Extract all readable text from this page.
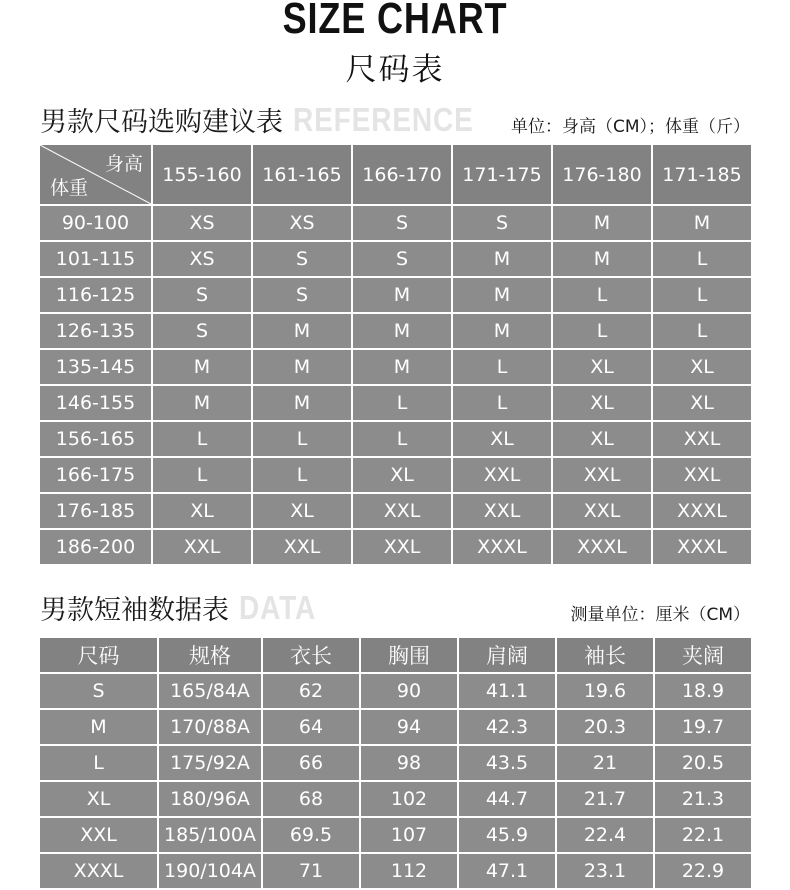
SIZE CHART
尺码表
男款尺码选购建议表 REFERENCE 单位：身高（CM）；体重（斤）
身高
体重
155-160	161-165	166-170	171-175	176-180	171-185
90-100	XS	XS	S	S	M	M
101-115	XS	S	S	M	M	L
116-125	S	S	M	M	L	L
126-135	S	M	M	M	L	L
135-145	M	M	M	L	XL	XL
146-155	M	M	L	L	XL	XL
156-165	L	L	L	XL	XL	XXL
166-175	L	L	XL	XXL	XXL	XXL
176-185	XL	XL	XXL	XXL	XXL	XXXL
186-200	XXL	XXL	XXL	XXXL	XXXL	XXXL
男款短袖数据表 DATA	测量单位：厘米（CM）
尺码	规格	衣长	胸围	肩阔	袖长	夹阔
S	165/84A	62	90	41.1	19.6	18.9
M	170/88A	64	94	42.3	20.3	19.7
L	175/92A	66	98	43.5	21	20.5
XL	180/96A	68	102	44.7	21.7	21.3
XXL	185/100A	69.5	107	45.9	22.4	22.1
XXXL	190/104A	71	112	47.1	23.1	22.9
